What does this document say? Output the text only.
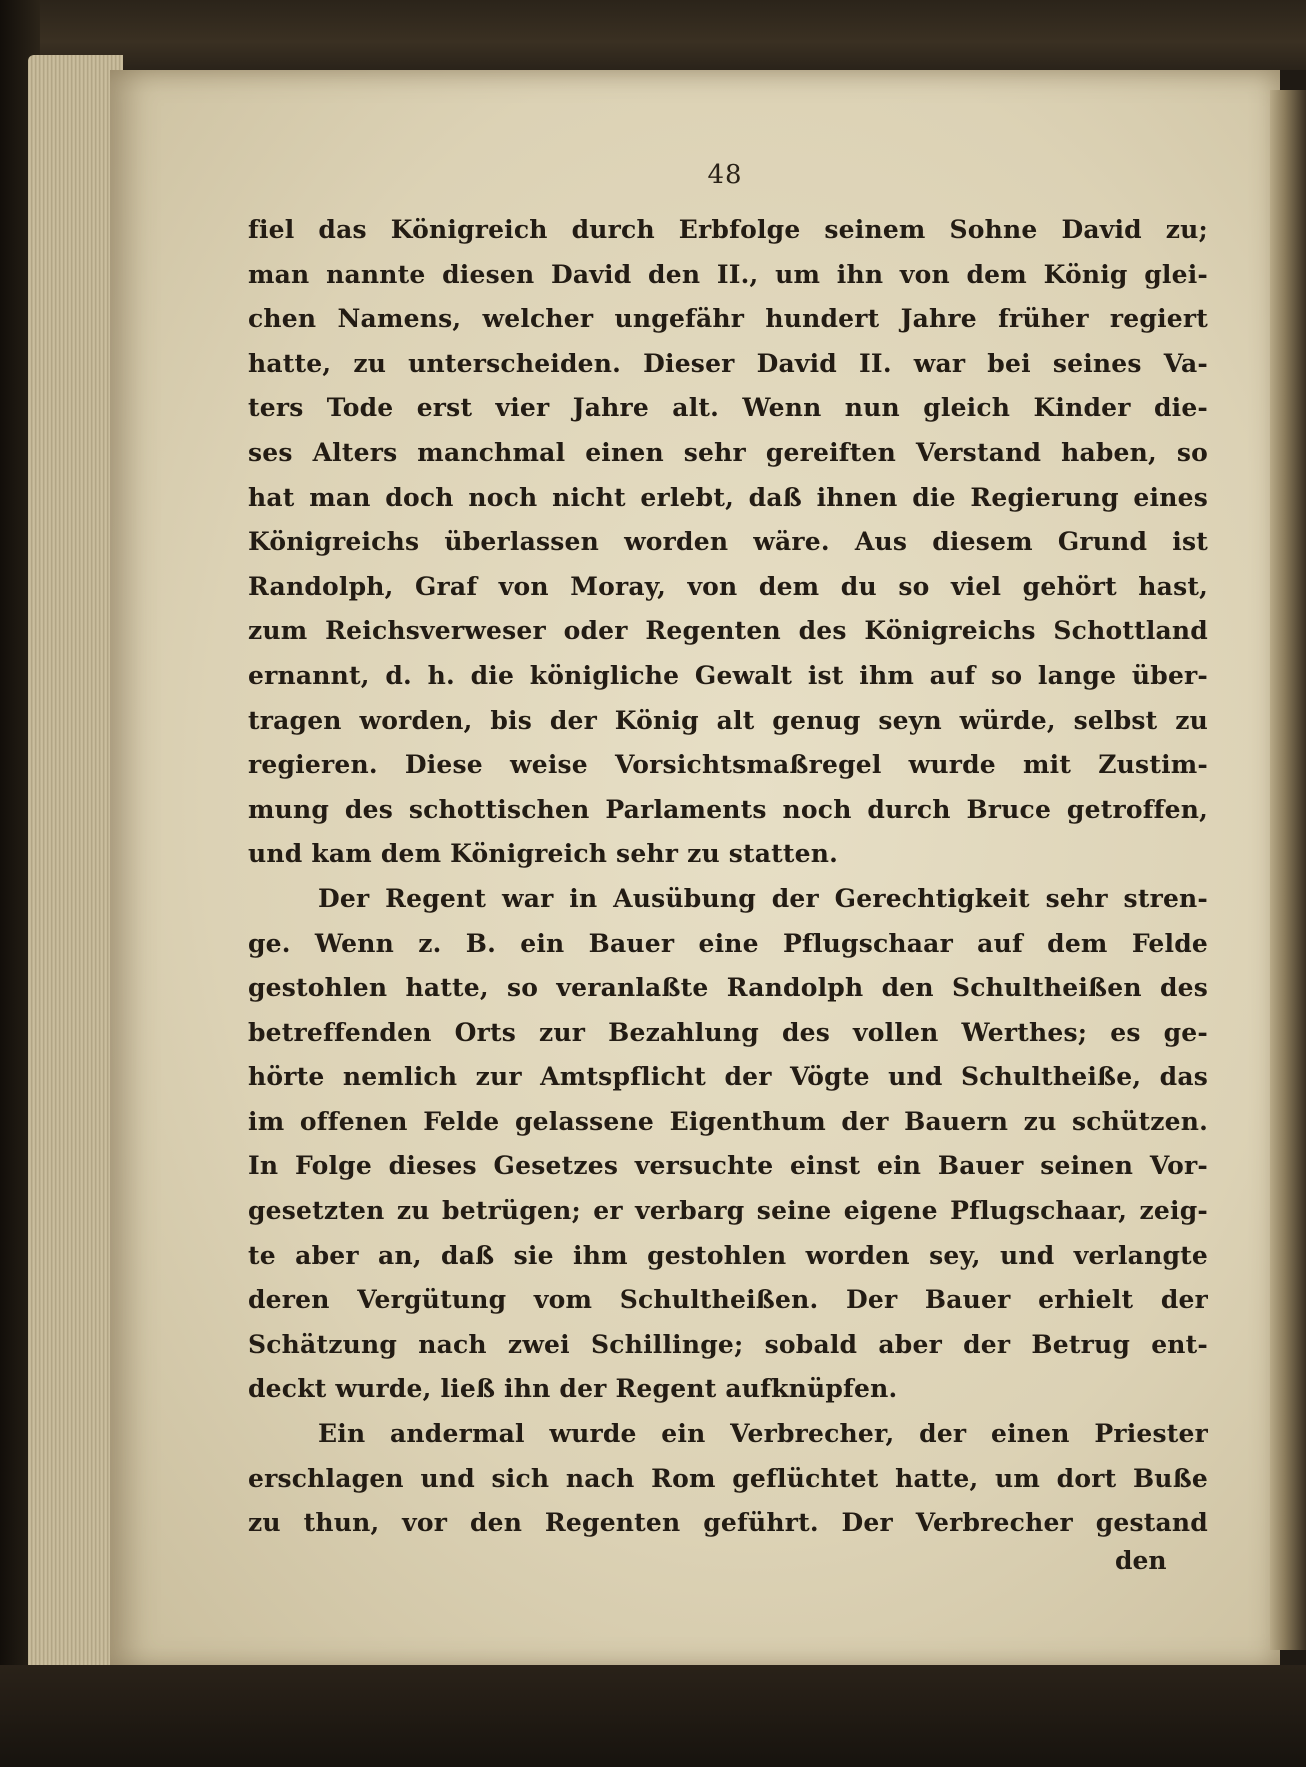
48
fiel das Königreich durch Erbfolge seinem Sohne David zu;
man nannte diesen David den II., um ihn von dem König glei-
chen Namens, welcher ungefähr hundert Jahre früher regiert
hatte, zu unterscheiden. Dieser David II. war bei seines Va-
ters Tode erst vier Jahre alt. Wenn nun gleich Kinder die-
ses Alters manchmal einen sehr gereiften Verstand haben, so
hat man doch noch nicht erlebt, daß ihnen die Regierung eines
Königreichs überlassen worden wäre. Aus diesem Grund ist
Randolph, Graf von Moray, von dem du so viel gehört hast,
zum Reichsverweser oder Regenten des Königreichs Schottland
ernannt, d. h. die königliche Gewalt ist ihm auf so lange über-
tragen worden, bis der König alt genug seyn würde, selbst zu
regieren. Diese weise Vorsichtsmaßregel wurde mit Zustim-
mung des schottischen Parlaments noch durch Bruce getroffen,
und kam dem Königreich sehr zu statten.
Der Regent war in Ausübung der Gerechtigkeit sehr stren-
ge. Wenn z. B. ein Bauer eine Pflugschaar auf dem Felde
gestohlen hatte, so veranlaßte Randolph den Schultheißen des
betreffenden Orts zur Bezahlung des vollen Werthes; es ge-
hörte nemlich zur Amtspflicht der Vögte und Schultheiße, das
im offenen Felde gelassene Eigenthum der Bauern zu schützen.
In Folge dieses Gesetzes versuchte einst ein Bauer seinen Vor-
gesetzten zu betrügen; er verbarg seine eigene Pflugschaar, zeig-
te aber an, daß sie ihm gestohlen worden sey, und verlangte
deren Vergütung vom Schultheißen. Der Bauer erhielt der
Schätzung nach zwei Schillinge; sobald aber der Betrug ent-
deckt wurde, ließ ihn der Regent aufknüpfen.
Ein andermal wurde ein Verbrecher, der einen Priester
erschlagen und sich nach Rom geflüchtet hatte, um dort Buße
zu thun, vor den Regenten geführt. Der Verbrecher gestand
den
